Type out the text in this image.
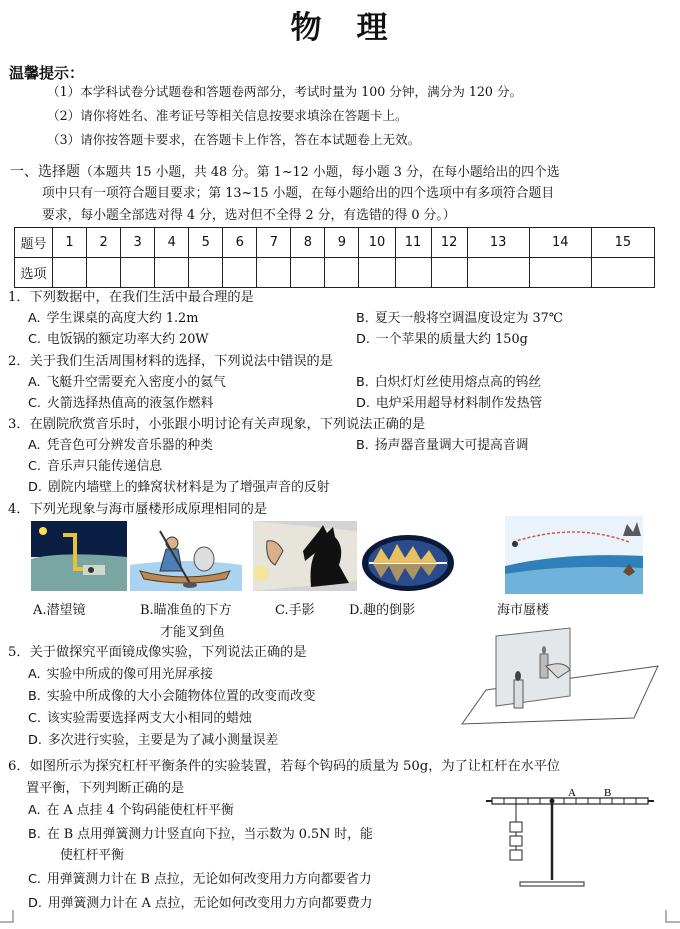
物　理
温馨提示：
（1）本学科试卷分试题卷和答题卷两部分，考试时量为 100 分钟，满分为 120 分。
（2）请你将姓名、准考证号等相关信息按要求填涂在答题卡上。
（3）请你按答题卡要求，在答题卡上作答，答在本试题卷上无效。
一、选择题（本题共 15 小题，共 48 分。第 1~12 小题，每小题 3 分，在每小题给出的四个选
项中只有一项符合题目要求；第 13~15 小题，在每小题给出的四个选项中有多项符合题目
要求，每小题全部选对得 4 分，选对但不全得 2 分，有选错的得 0 分。）
题号	1	2	3	4	5	6	7	8	9	10	11	12	13	14	15
选项															
1．下列数据中，在我们生活中最合理的是
A. 学生课桌的高度大约 1.2m	B. 夏天一般将空调温度设定为 37℃
C. 电饭锅的额定功率大约 20W	D. 一个苹果的质量大约 150g
2．关于我们生活周围材料的选择，下列说法中错误的是
A. 飞艇升空需要充入密度小的氦气	B. 白炽灯灯丝使用熔点高的钨丝
C. 火箭选择热值高的液氢作燃料	D. 电炉采用超导材料制作发热管
3．在剧院欣赏音乐时，小张跟小明讨论有关声现象，下列说法正确的是
A. 凭音色可分辨发音乐器的种类	B. 扬声器音量调大可提高音调
C. 音乐声只能传递信息
D. 剧院内墙壁上的蜂窝状材料是为了增强声音的反射
4．下列光现象与海市蜃楼形成原理相同的是
A.潜望镜	B.瞄准鱼的下方
才能叉到鱼
C.手影	D.趣的倒影	海市蜃楼
5．关于做探究平面镜成像实验，下列说法正确的是
A. 实验中所成的像可用光屏承接
B. 实验中所成像的大小会随物体位置的改变而改变
C. 该实验需要选择两支大小相同的蜡烛
D. 多次进行实验，主要是为了减小测量误差
6．如图所示为探究杠杆平衡条件的实验装置，若每个钩码的质量为 50g，为了让杠杆在水平位
置平衡，下列判断正确的是
A. 在 A 点挂 4 个钩码能使杠杆平衡
B. 在 B 点用弹簧测力计竖直向下拉，当示数为 0.5N 时，能
使杠杆平衡
C. 用弹簧测力计在 B 点拉，无论如何改变用力方向都要省力
D. 用弹簧测力计在 A 点拉，无论如何改变用力方向都要费力
A	B
